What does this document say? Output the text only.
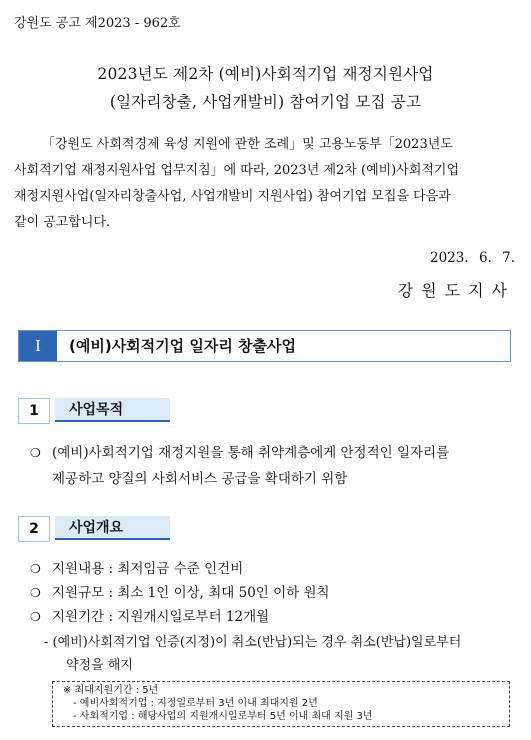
강원도 공고 제2023 - 962호
2023년도 제2차 (예비)사회적기업 재정지원사업
(일자리창출, 사업개발비) 참여기업 모집 공고
「강원도 사회적경제 육성 지원에 관한 조례」및 고용노동부「2023년도
사회적기업 재정지원사업 업무지침」에 따라, 2023년 제2차 (예비)사회적기업
재정지원사업(일자리창출사업, 사업개발비 지원사업) 참여기업 모집을 다음과
같이 공고합니다.
2023. 6. 7.
강원도지사
Ⅰ	(예비)사회적기업 일자리 창출사업
1	사업목적
❍ (예비)사회적기업 재정지원을 통해 취약계층에게 안정적인 일자리를
제공하고 양질의 사회서비스 공급을 확대하기 위함
2	사업개요
❍ 지원내용 : 최저임금 수준 인건비
❍ 지원규모 : 최소 1인 이상, 최대 50인 이하 원칙
❍ 지원기간 : 지원개시일로부터 12개월
- (예비)사회적기업 인증(지정)이 취소(반납)되는 경우 취소(반납)일로부터
약정을 해지
※ 최대지원기간 : 5년
- 예비사회적기업 : 지정일로부터 3년 이내 최대지원 2년
- 사회적기업 : 해당사업의 지원개시일로부터 5년 이내 최대 지원 3년
